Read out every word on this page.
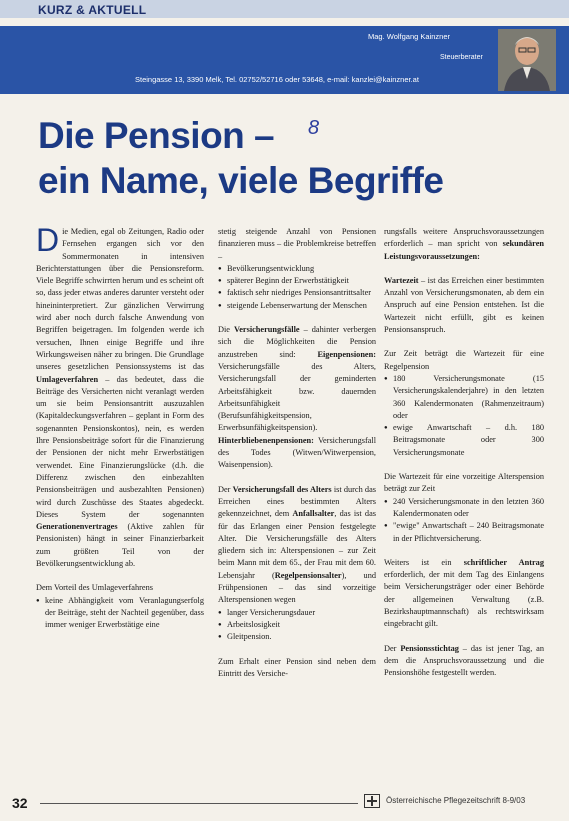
KURZ & AKTUELL
Mag. Wolfgang Kainzner
Steuerberater
Steingasse 13, 3390 Melk, Tel. 02752/52716 oder 53648, e-mail: kanzlei@kainzner.at
Die Pension –
ein Name, viele Begriffe
8

Die Medien, egal ob Zeitungen, Radio oder Fernsehen ergangen sich vor den Sommermonaten in intensiven Berichterstattungen über die Pensionsreform. Viele Begriffe schwirrten herum und es scheint oft so, dass jeder etwas anderes darunter versteht oder hineininterpretiert. Zur gänzlichen Verwirrung wird aber noch durch falsche Anwendung von Begriffen beigetragen. Im folgenden werde ich versuchen, Ihnen einige Begriffe und ihre Wirkungsweisen näher zu bringen. Die Grundlage unseres gesetzlichen Pensionssystems ist das Umlageverfahren – das bedeutet, dass die Beiträge des Versicherten nicht veranlagt werden um sie beim Pensionsantritt auszuzahlen (Kapitaldeckungsverfahren – geplant in Form des sogenannten Pensionskontos), nein, es werden Ihre Pensionsbeiträge sofort für die Finanzierung der Pensionen der nicht mehr Erwerbstätigen verwendet. Eine Finanzierungslücke (d.h. die Differenz zwischen den einbezahlten Pensionsbeiträgen und ausbezahlten Pensionen) wird durch Zuschüsse des Staates abgedeckt. Dieses System der sogenannten Generationenvertrages (Aktive zahlen für Pensionisten) hängt in seiner Finanzierbarkeit zum größten Teil von der Bevölkerungsentwicklung ab.

Dem Vorteil des Umlageverfahrens

● keine Abhängigkeit vom Veranlagungserfolg der Beiträge, steht der Nachteil gegenüber, dass immer weniger Erwerbstätige eine

stetig steigende Anzahl von Pensionen finanzieren muss – die Problemkreise betreffen –

● Bevölkerungsentwicklung
● späterer Beginn der Erwerbstätigkeit
● faktisch sehr niedriges Pensionsantrittsalter
● steigende Lebenserwartung der Menschen

Die Versicherungsfälle – dahinter verbergen sich die Möglichkeiten die Pension anzustreben sind: Eigenpensionen: Versicherungsfälle des Alters, Versicherungsfall der geminderten Arbeitsfähigkeit bzw. dauernden Arbeitsunfähigkeit (Berufsunfähigkeitspension, Erwerbsunfähigkeitspension). Hinterbliebenenpensionen: Versicherungsfall des Todes (Witwen/Witwerpension, Waisenpension).

Der Versicherungsfall des Alters ist durch das Erreichen eines bestimmten Alters gekennzeichnet, dem Anfallsalter, das ist das für das Erlangen einer Pension festgelegte Alter. Die Versicherungsfälle des Alters gliedern sich in: Alterspensionen – zur Zeit beim Mann mit dem 65., der Frau mit dem 60. Lebensjahr (Regelpensionsalter), und Frühpensionen – das sind vorzeitige Alterspensionen wegen

● langer Versicherungsdauer
● Arbeitslosigkeit
● Gleitpension.

Zum Erhalt einer Pension sind neben dem Eintritt des Versiche-

rungsfalls weitere Anspruchsvoraussetzungen erforderlich – man spricht von sekundären Leistungsvoraussetzungen:

Wartezeit – ist das Erreichen einer bestimmten Anzahl von Versicherungsmonaten, ab dem ein Anspruch auf eine Pension entstehen. Ist die Wartezeit nicht erfüllt, gibt es keinen Pensionsanspruch.

Zur Zeit beträgt die Wartezeit für eine Regelpension

● 180 Versicherungsmonate (15 Versicherungskalenderjahre) in den letzten 360 Kalendermonaten (Rahmenzeitraum) oder
● ewige Anwartschaft – d.h. 180 Beitragsmonate oder 300 Versicherungsmonate

Die Wartezeit für eine vorzeitige Alterspension beträgt zur Zeit

● 240 Versicherungsmonate in den letzten 360 Kalendermonaten oder
● "ewige" Anwartschaft – 240 Beitragsmonate in der Pflichtversicherung.

Weiters ist ein schriftlicher Antrag erforderlich, der mit dem Tag des Einlangens beim Versicherungsträger oder einer Behörde der allgemeinen Verwaltung (z.B. Bezirkshauptmannschaft) als rechtswirksam eingebracht gilt.

Der Pensionsstichtag – das ist jener Tag, an dem die Anspruchsvoraussetzung und die Pensionshöhe festgestellt werden.

32	Österreichische Pflegezeitschrift 8-9/03
